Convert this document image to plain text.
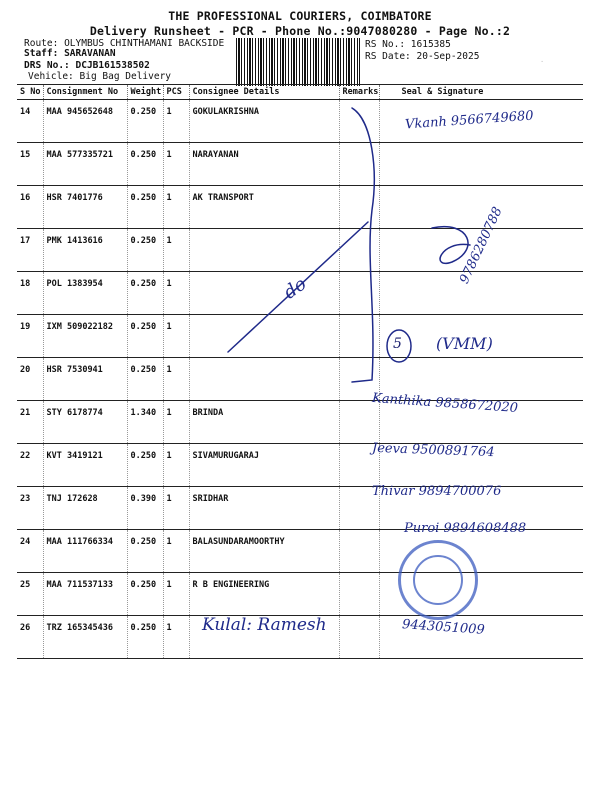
THE PROFESSIONAL COURIERS, COIMBATORE
Delivery Runsheet - PCR - Phone No.:9047080280 - Page No.:2
Route: OLYMBUS CHINTHAMANI BACKSIDE
Staff: SARAVANAN
DRS No.: DCJB161538502
Vehicle: Big Bag Delivery
RS No.: 1615385
RS Date: 20-Sep-2025
S No	Consignment No	Weight	PCS	Consignee Details	Remarks	Seal & Signature
14	MAA 945652648	0.250	1	GOKULAKRISHNA		
15	MAA 577335721	0.250	1	NARAYANAN		
16	HSR 7401776	0.250	1	AK TRANSPORT		
17	PMK 1413616	0.250	1			
18	POL 1383954	0.250	1			
19	IXM 509022182	0.250	1			
20	HSR 7530941	0.250	1			
21	STY 6178774	1.340	1	BRINDA		
22	KVT 3419121	0.250	1	SIVAMURUGARAJ		
23	TNJ 172628	0.390	1	SRIDHAR		
24	MAA 111766334	0.250	1	BALASUNDARAMOORTHY		
25	MAA 711537133	0.250	1	R B ENGINEERING		
26	TRZ 165345436	0.250	1			
Vkanh 9566749680
do
9786280788
5 (VMM)
Kanthika 9858672020
Jeeva 9500891764
Thivar 9894700076
Puroi 9894608488
Kulal: Ramesh	9443051009
·
